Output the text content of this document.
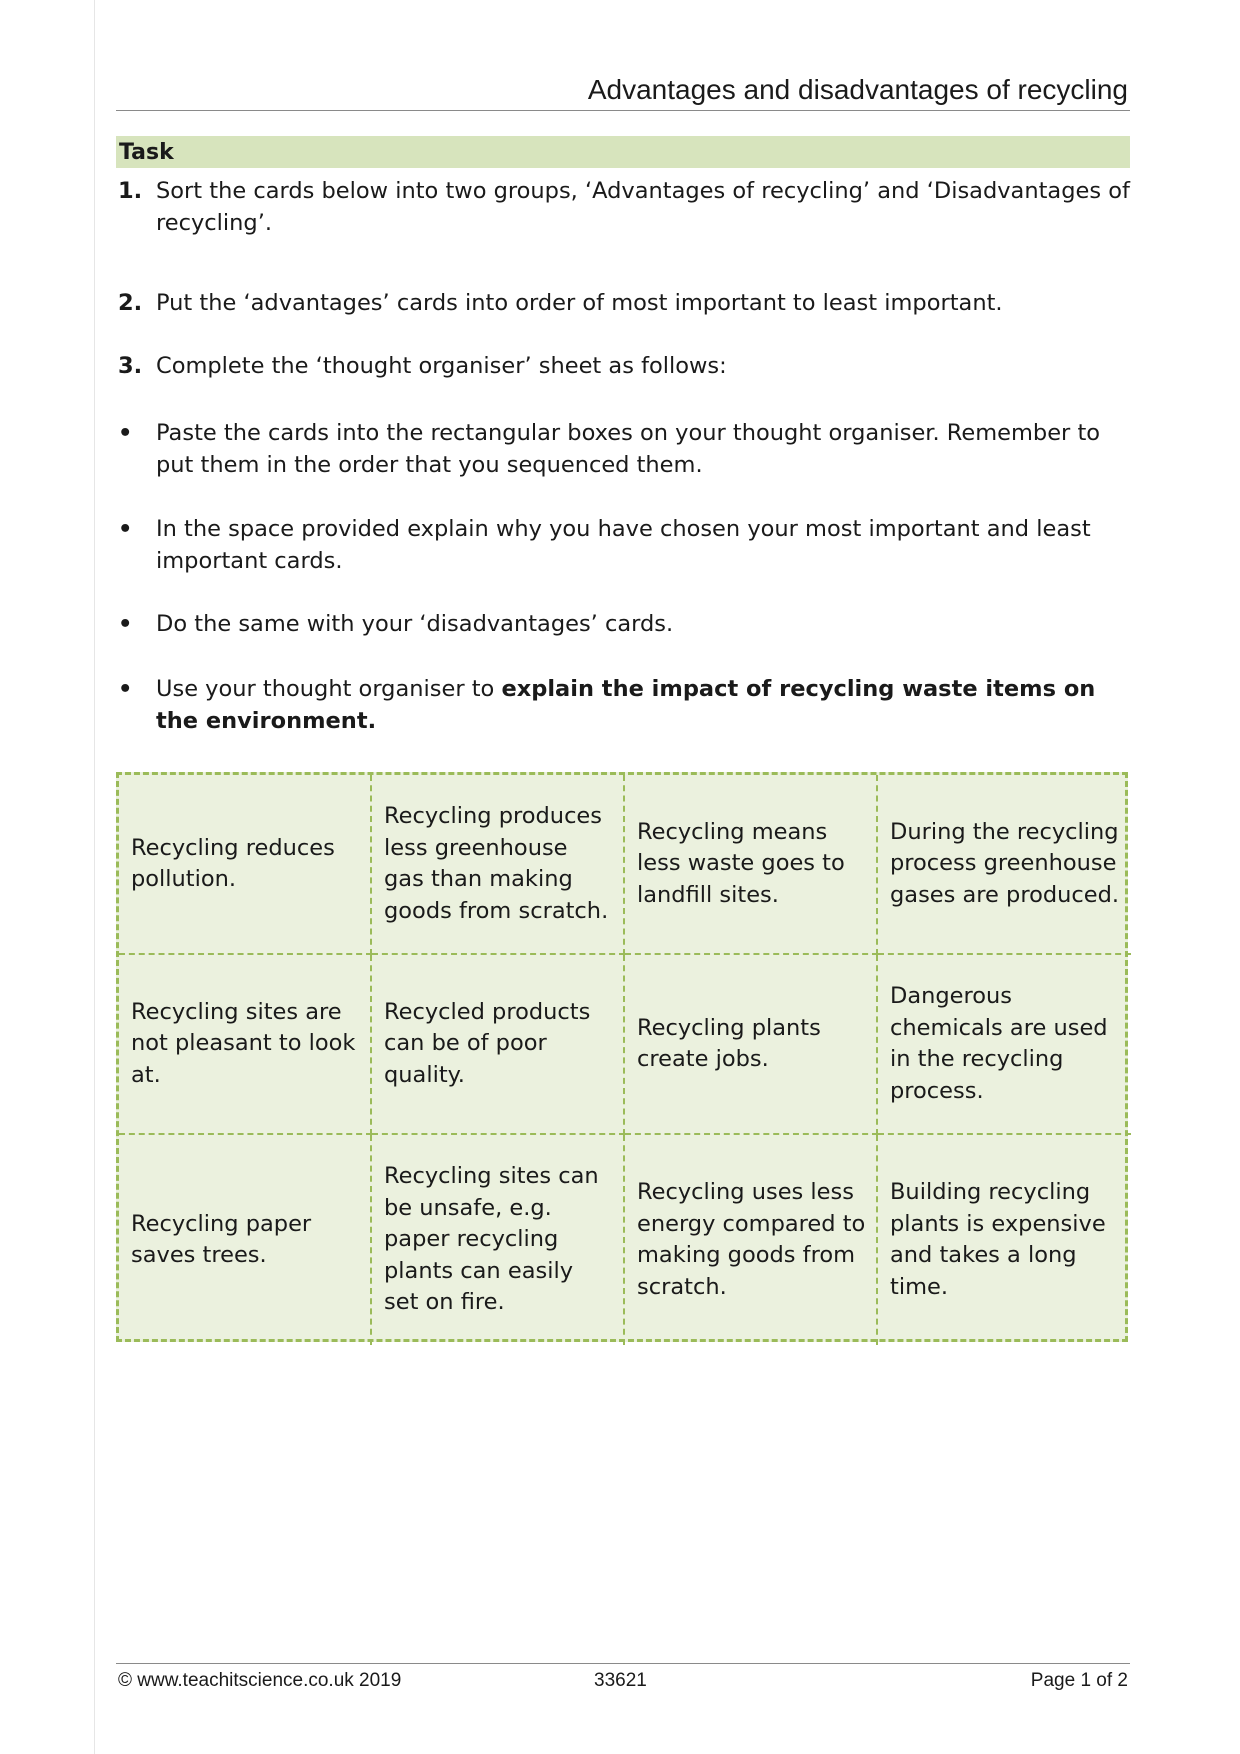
Advantages and disadvantages of recycling
Task
1. Sort the cards below into two groups, ‘Advantages of recycling’ and ‘Disadvantages of recycling’.
2. Put the ‘advantages’ cards into order of most important to least important.
3. Complete the ‘thought organiser’ sheet as follows:
• Paste the cards into the rectangular boxes on your thought organiser. Remember to put them in the order that you sequenced them.
• In the space provided explain why you have chosen your most important and least important cards.
• Do the same with your ‘disadvantages’ cards.
• Use your thought organiser to explain the impact of recycling waste items on the environment.
Recycling reduces pollution.
Recycling produces less greenhouse gas than making goods from scratch.
Recycling means less waste goes to landfill sites.
During the recycling process greenhouse gases are produced.
Recycling sites are not pleasant to look at.
Recycled products can be of poor quality.
Recycling plants create jobs.
Dangerous chemicals are used in the recycling process.
Recycling paper saves trees.
Recycling sites can be unsafe, e.g. paper recycling plants can easily set on fire.
Recycling uses less energy compared to making goods from scratch.
Building recycling plants is expensive and takes a long time.
© www.teachitscience.co.uk 2019	33621	Page 1 of 2
